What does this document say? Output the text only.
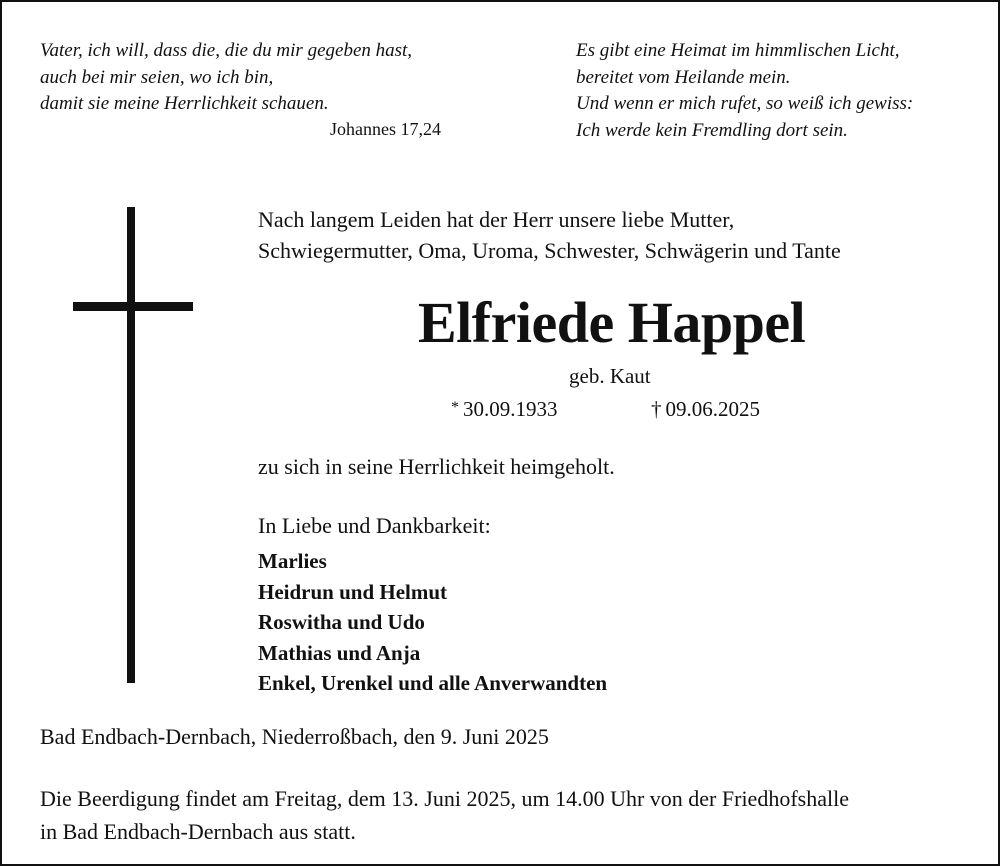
Vater, ich will, dass die, die du mir gegeben hast,
auch bei mir seien, wo ich bin,
damit sie meine Herrlichkeit schauen.
Johannes 17,24
Es gibt eine Heimat im himmlischen Licht,
bereitet vom Heilande mein.
Und wenn er mich rufet, so weiß ich gewiss:
Ich werde kein Fremdling dort sein.
Nach langem Leiden hat der Herr unsere liebe Mutter,
Schwiegermutter, Oma, Uroma, Schwester, Schwägerin und Tante
Elfriede Happel
geb. Kaut
* 30.09.1933	† 09.06.2025
zu sich in seine Herrlichkeit heimgeholt.
In Liebe und Dankbarkeit:
Marlies
Heidrun und Helmut
Roswitha und Udo
Mathias und Anja
Enkel, Urenkel und alle Anverwandten
Bad Endbach-Dernbach, Niederroßbach, den 9. Juni 2025
Die Beerdigung findet am Freitag, dem 13. Juni 2025, um 14.00 Uhr von der Friedhofshalle
in Bad Endbach-Dernbach aus statt.
